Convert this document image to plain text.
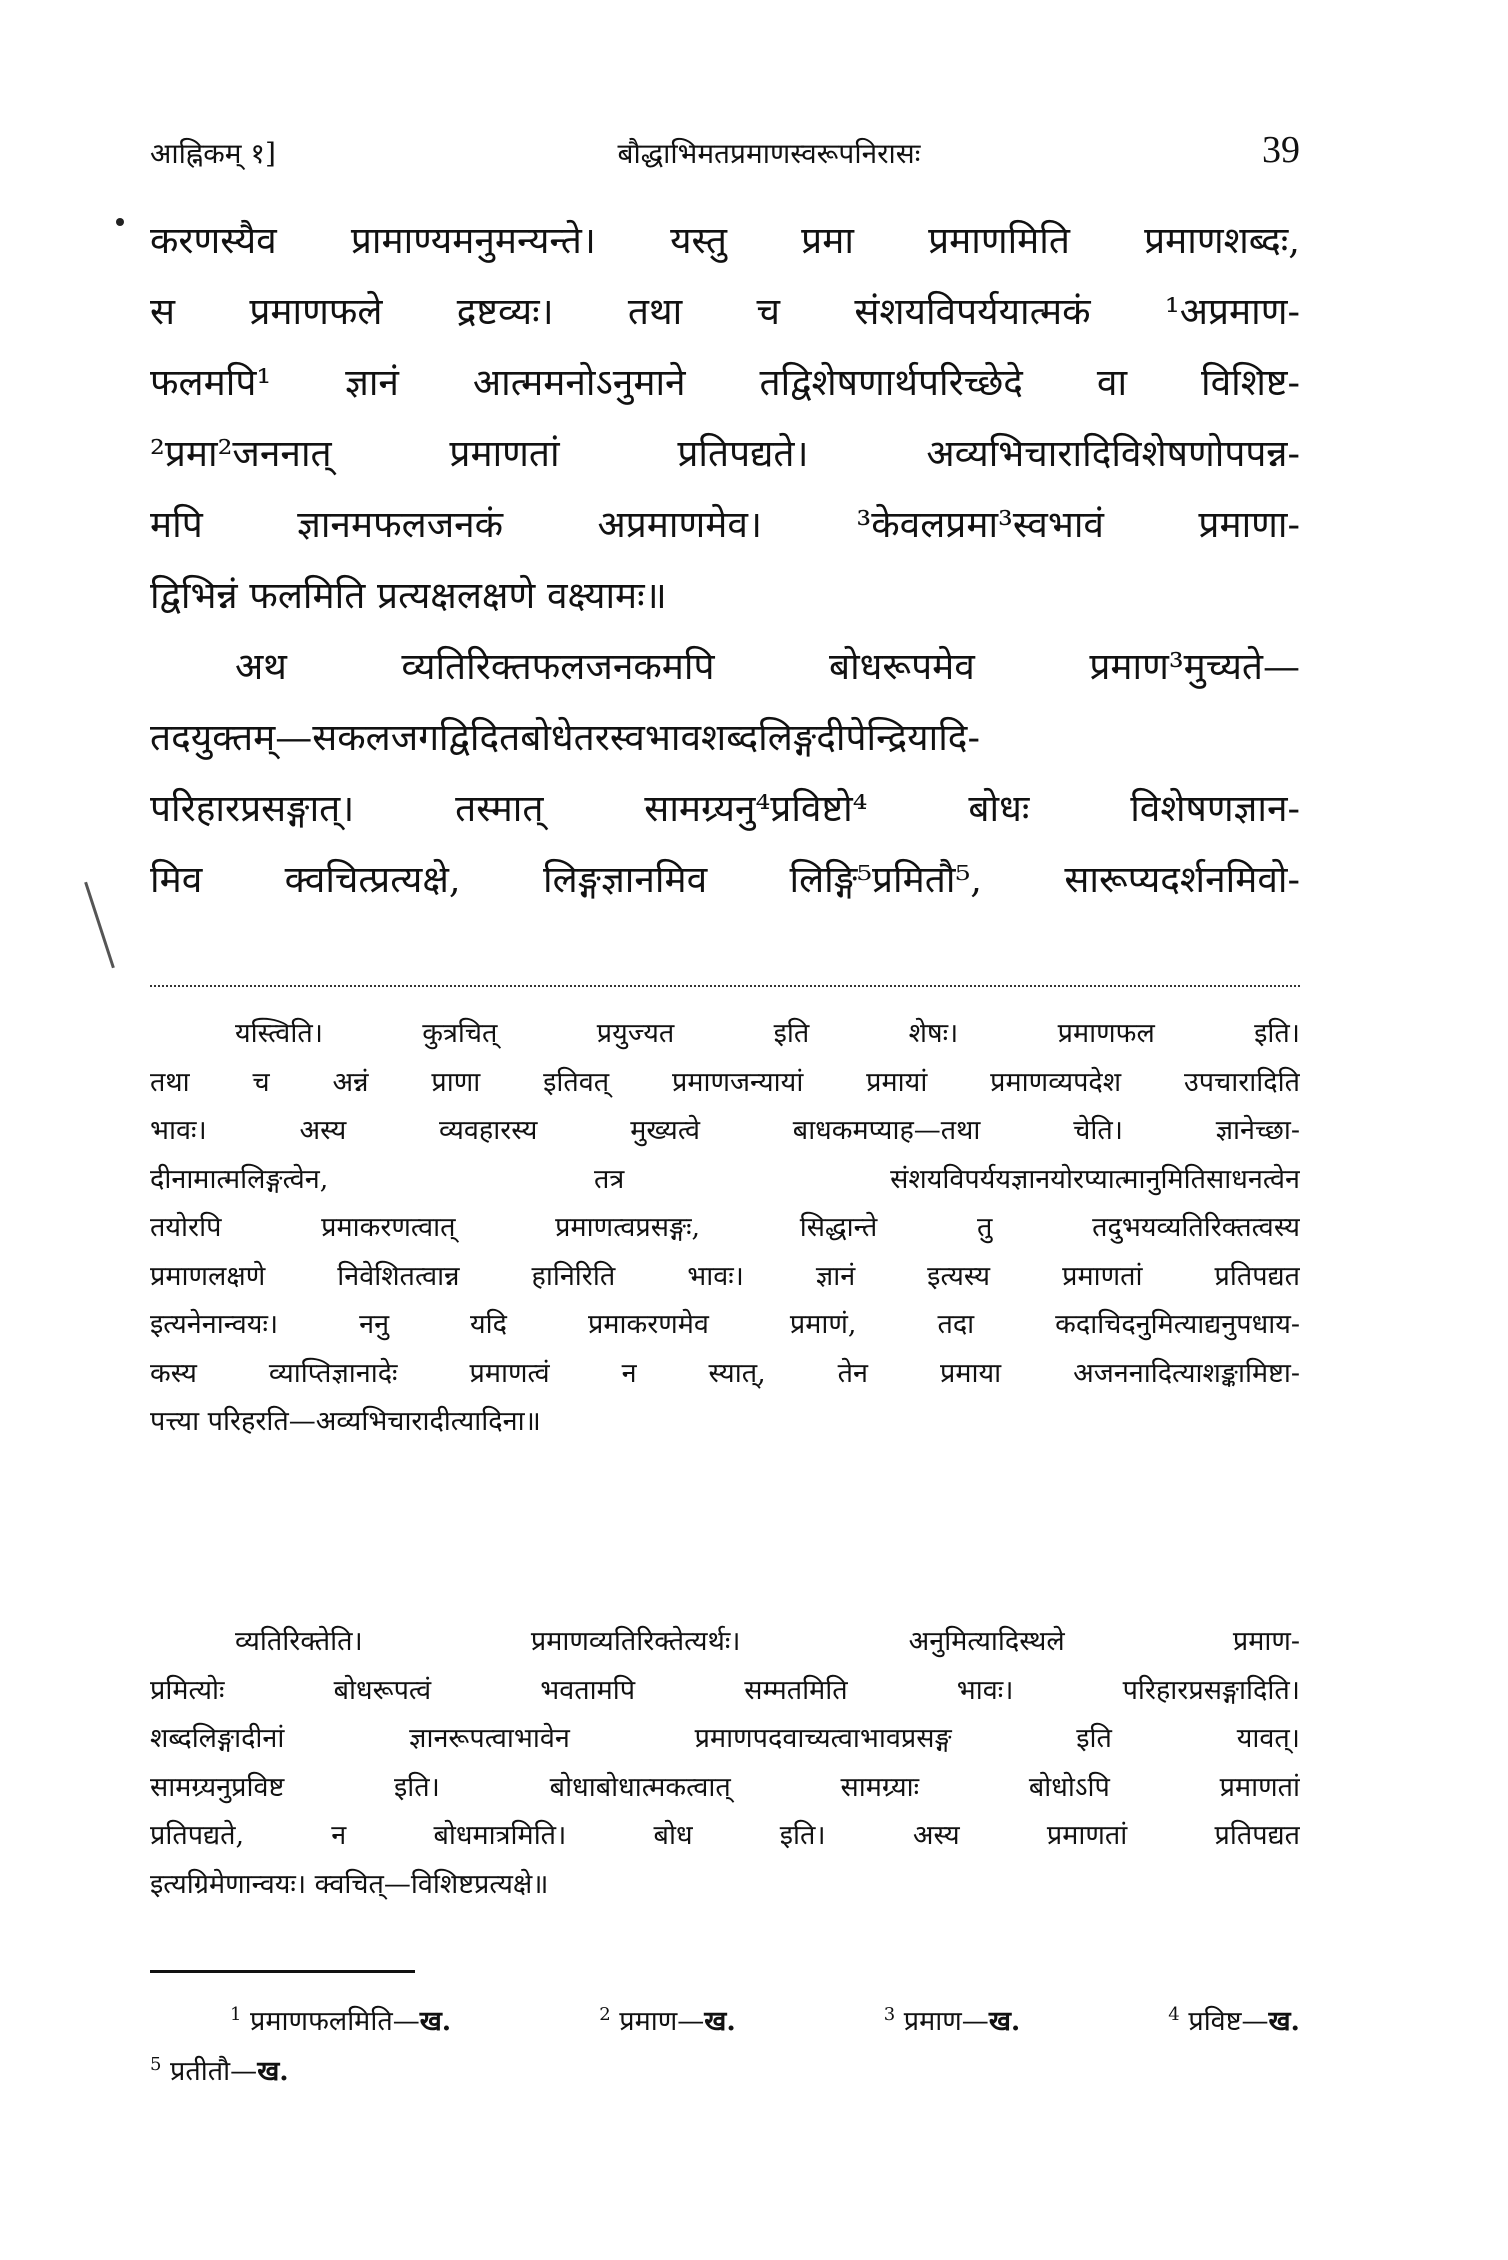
आह्निकम् १]	बौद्धाभिमतप्रमाणस्वरूपनिरासः	39
करणस्यैव प्रामाण्यमनुमन्यन्ते। यस्तु प्रमा प्रमाणमिति प्रमाणशब्दः,
स प्रमाणफले द्रष्टव्यः। तथा च संशयविपर्ययात्मकं ¹अप्रमाण-
फलमपि¹ ज्ञानं आत्ममनोऽनुमाने तद्विशेषणार्थपरिच्छेदे वा विशिष्ट-
²प्रमा²जननात् प्रमाणतां प्रतिपद्यते। अव्यभिचारादिविशेषणोपपन्न-
मपि ज्ञानमफलजनकं अप्रमाणमेव। ³केवलप्रमा³स्वभावं प्रमाणा-
द्विभिन्नं फलमिति प्रत्यक्षलक्षणे वक्ष्यामः॥
अथ व्यतिरिक्तफलजनकमपि बोधरूपमेव प्रमाण³मुच्यते—
तदयुक्तम्—सकलजगद्विदितबोधेतरस्वभावशब्दलिङ्गदीपेन्द्रियादि-
परिहारप्रसङ्गात्। तस्मात् सामग्र्यनु⁴प्रविष्टो⁴ बोधः विशेषणज्ञान-
मिव क्वचित्प्रत्यक्षे, लिङ्गज्ञानमिव लिङ्गि⁵प्रमितौ⁵, सारूप्यदर्शनमिवो-
यस्त्विति। कुत्रचित् प्रयुज्यत इति शेषः। प्रमाणफल इति।
तथा च अन्नं प्राणा इतिवत् प्रमाणजन्यायां प्रमायां प्रमाणव्यपदेश उपचारादिति
भावः। अस्य व्यवहारस्य मुख्यत्वे बाधकमप्याह—तथा चेति। ज्ञानेच्छा-
दीनामात्मलिङ्गत्वेन, तत्र संशयविपर्ययज्ञानयोरप्यात्मानुमितिसाधनत्वेन
तयोरपि प्रमाकरणत्वात् प्रमाणत्वप्रसङ्गः, सिद्धान्ते तु तदुभयव्यतिरिक्तत्वस्य
प्रमाणलक्षणे निवेशितत्वान्न हानिरिति भावः। ज्ञानं इत्यस्य प्रमाणतां प्रतिपद्यत
इत्यनेनान्वयः। ननु यदि प्रमाकरणमेव प्रमाणं, तदा कदाचिदनुमित्याद्यनुपधाय-
कस्य व्याप्तिज्ञानादेः प्रमाणत्वं न स्यात्, तेन प्रमाया अजननादित्याशङ्कामिष्टा-
पत्त्या परिहरति—अव्यभिचारादीत्यादिना॥
व्यतिरिक्तेति। प्रमाणव्यतिरिक्तेत्यर्थः। अनुमित्यादिस्थले प्रमाण-
प्रमित्योः बोधरूपत्वं भवतामपि सम्मतमिति भावः। परिहारप्रसङ्गादिति।
शब्दलिङ्गादीनां ज्ञानरूपत्वाभावेन प्रमाणपदवाच्यत्वाभावप्रसङ्ग इति यावत्।
सामग्र्यनुप्रविष्ट इति। बोधाबोधात्मकत्वात् सामग्र्याः बोधोऽपि प्रमाणतां
प्रतिपद्यते, न बोधमात्रमिति। बोध इति। अस्य प्रमाणतां प्रतिपद्यत
इत्यग्रिमेणान्वयः। क्वचित्—विशिष्टप्रत्यक्षे॥
$^1$ प्रमाणफलमिति—ख.	$^2$ प्रमाण—ख.	$^3$ प्रमाण—ख.	$^4$ प्रविष्ट—ख.
$^5$ प्रतीतौ—ख.
